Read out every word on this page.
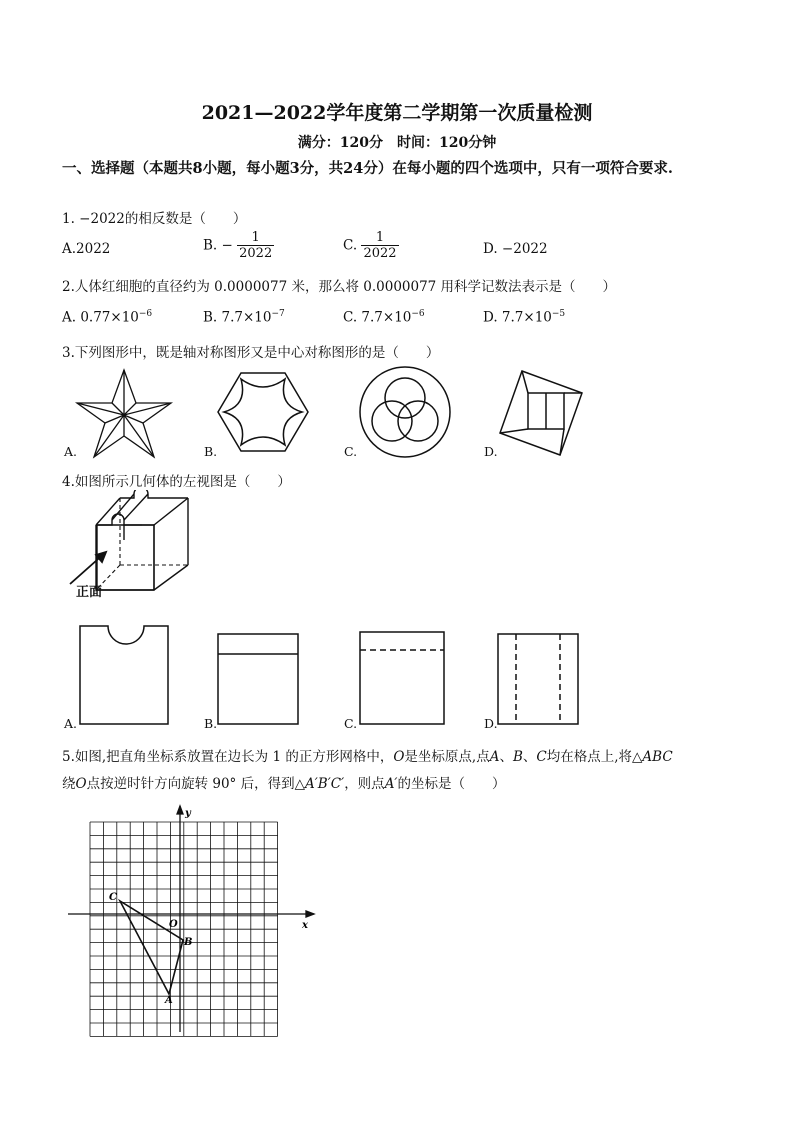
2021—2022学年度第二学期第一次质量检测
满分：120分　时间：120分钟
一、选择题（本题共8小题，每小题3分，共24分）在每小题的四个选项中，只有一项符合要求.
1. −2022的相反数是（　　）
A.2022	B. − $\frac{1}{2022}$	C. $\frac{1}{2022}$	D. −2022
2.人体红细胞的直径约为 0.0000077 米，那么将 0.0000077 用科学记数法表示是（　　）
A. $0.77\times 10^{-6}$	B. $7.7\times 10^{-7}$	C. $7.7\times 10^{-6}$	D. $7.7\times 10^{-5}$
3.下列图形中，既是轴对称图形又是中心对称图形的是（　　）
A.	B.	C.	D.
4.如图所示几何体的左视图是（　　）
正面
A.	B.	C.	D.
5.如图,把直角坐标系放置在边长为 1 的正方形网格中，O是坐标原点,点A、B、C均在格点上,将△ABC
绕O点按逆时针方向旋转 90° 后，得到△A′B′C′，则点A′的坐标是（　　）
x
y
O
A
B
C
